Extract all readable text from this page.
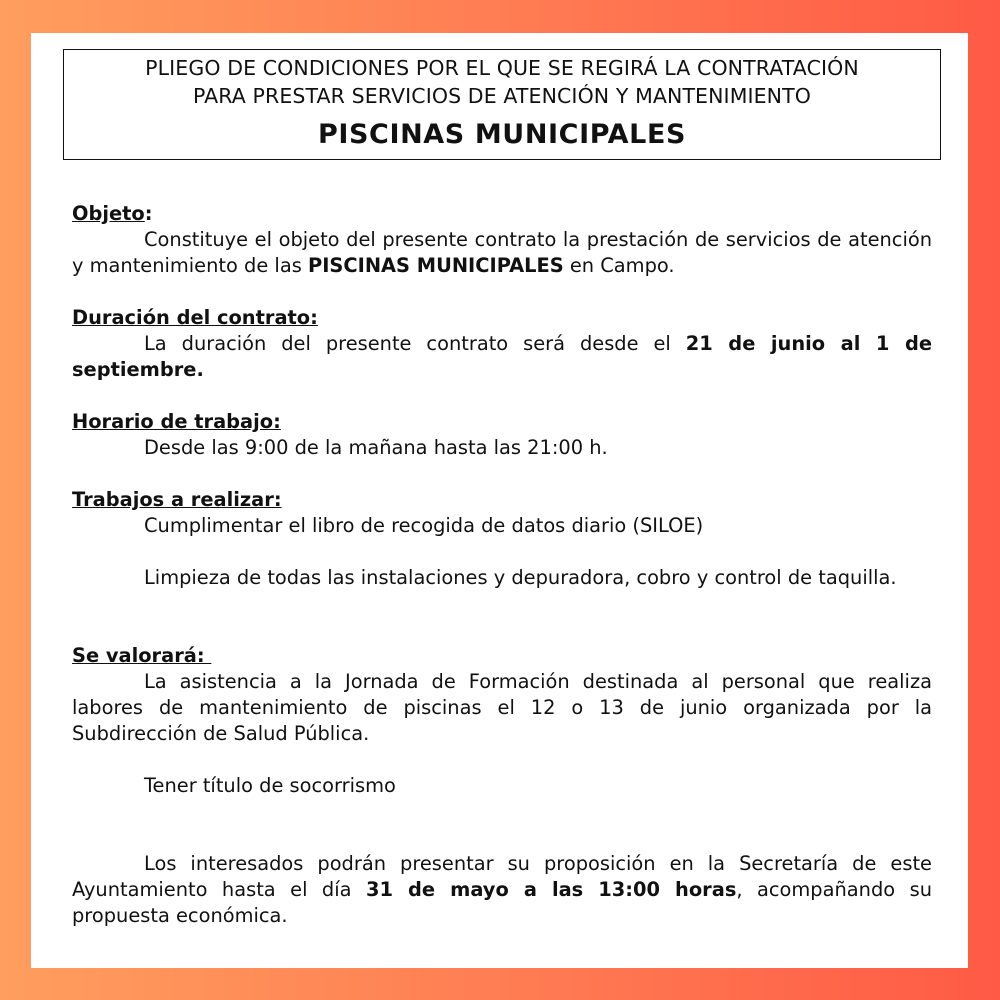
PLIEGO DE CONDICIONES POR EL QUE SE REGIRÁ LA CONTRATACIÓN
PARA PRESTAR SERVICIOS DE ATENCIÓN Y MANTENIMIENTO
PISCINAS MUNICIPALES
Objeto:

Constituye el objeto del presente contrato la prestación de servicios de atención y mantenimiento de las PISCINAS MUNICIPALES en Campo.

Duración del contrato:

La duración del presente contrato será desde el 21 de junio al 1 de septiembre.

Horario de trabajo:

Desde las 9:00 de la mañana hasta las 21:00 h.

Trabajos a realizar:

Cumplimentar el libro de recogida de datos diario (SILOE)

Limpieza de todas las instalaciones y depuradora, cobro y control de taquilla.

Se valorará:

La asistencia a la Jornada de Formación destinada al personal que realiza labores de mantenimiento de piscinas el 12 o 13 de junio organizada por la Subdirección de Salud Pública.

Tener título de socorrismo

Los interesados podrán presentar su proposición en la Secretaría de este Ayuntamiento hasta el día 31 de mayo a las 13:00 horas, acompañando su propuesta económica.
